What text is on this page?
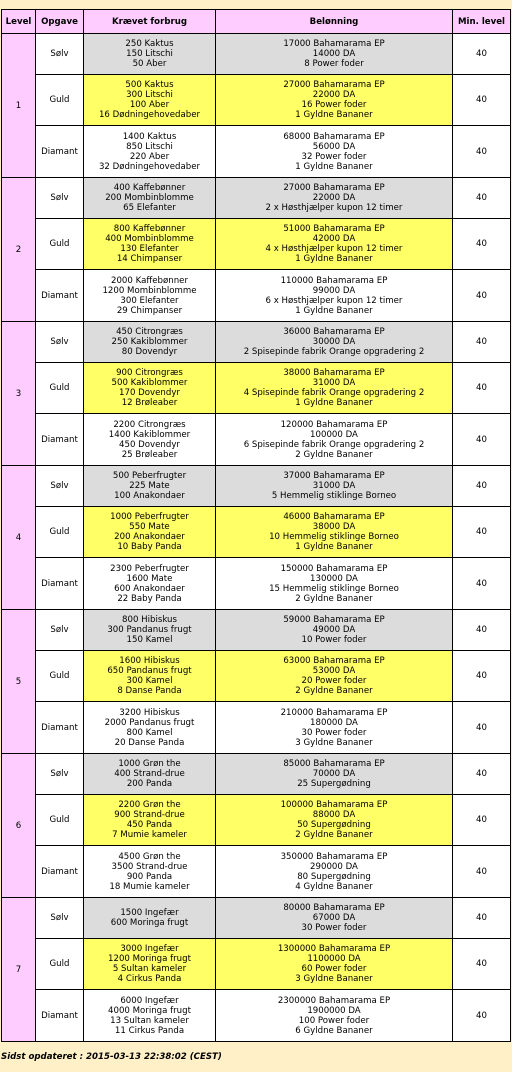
Level	Opgave	Krævet forbrug	Belønning	Min. level
1	Sølv	250 Kaktus
150 Litschi
50 Aber	17000 Bahamarama EP
14000 DA
8 Power foder	40
	Guld	500 Kaktus
300 Litschi
100 Aber
16 Dødningehovedaber	27000 Bahamarama EP
22000 DA
16 Power foder
1 Gyldne Bananer	40
	Diamant	1400 Kaktus
850 Litschi
220 Aber
32 Dødningehovedaber	68000 Bahamarama EP
56000 DA
32 Power foder
1 Gyldne Bananer	40
2	Sølv	400 Kaffebønner
200 Mombinblomme
65 Elefanter	27000 Bahamarama EP
22000 DA
2 x Høsthjælper kupon 12 timer	40
	Guld	800 Kaffebønner
400 Mombinblomme
130 Elefanter
14 Chimpanser	51000 Bahamarama EP
42000 DA
4 x Høsthjælper kupon 12 timer
1 Gyldne Bananer	40
	Diamant	2000 Kaffebønner
1200 Mombinblomme
300 Elefanter
29 Chimpanser	110000 Bahamarama EP
99000 DA
6 x Høsthjælper kupon 12 timer
1 Gyldne Bananer	40
3	Sølv	450 Citrongræs
250 Kakiblommer
80 Dovendyr	36000 Bahamarama EP
30000 DA
2 Spisepinde fabrik Orange opgradering 2	40
	Guld	900 Citrongræs
500 Kakiblommer
170 Dovendyr
12 Brøleaber	38000 Bahamarama EP
31000 DA
4 Spisepinde fabrik Orange opgradering 2
1 Gyldne Bananer	40
	Diamant	2200 Citrongræs
1400 Kakiblommer
450 Dovendyr
25 Brøleaber	120000 Bahamarama EP
100000 DA
6 Spisepinde fabrik Orange opgradering 2
2 Gyldne Bananer	40
4	Sølv	500 Peberfrugter
225 Mate
100 Anakondaer	37000 Bahamarama EP
31000 DA
5 Hemmelig stiklinge Borneo	40
	Guld	1000 Peberfrugter
550 Mate
200 Anakondaer
10 Baby Panda	46000 Bahamarama EP
38000 DA
10 Hemmelig stiklinge Borneo
1 Gyldne Bananer	40
	Diamant	2300 Peberfrugter
1600 Mate
600 Anakondaer
22 Baby Panda	150000 Bahamarama EP
130000 DA
15 Hemmelig stiklinge Borneo
2 Gyldne Bananer	40
5	Sølv	800 Hibiskus
300 Pandanus frugt
150 Kamel	59000 Bahamarama EP
49000 DA
10 Power foder	40
	Guld	1600 Hibiskus
650 Pandanus frugt
300 Kamel
8 Danse Panda	63000 Bahamarama EP
53000 DA
20 Power foder
2 Gyldne Bananer	40
	Diamant	3200 Hibiskus
2000 Pandanus frugt
800 Kamel
20 Danse Panda	210000 Bahamarama EP
180000 DA
30 Power foder
3 Gyldne Bananer	40
6	Sølv	1000 Grøn the
400 Strand-drue
200 Panda	85000 Bahamarama EP
70000 DA
25 Supergødning	40
	Guld	2200 Grøn the
900 Strand-drue
450 Panda
7 Mumie kameler	100000 Bahamarama EP
88000 DA
50 Supergødning
2 Gyldne Bananer	40
	Diamant	4500 Grøn the
3500 Strand-drue
900 Panda
18 Mumie kameler	350000 Bahamarama EP
290000 DA
80 Supergødning
4 Gyldne Bananer	40
7	Sølv	1500 Ingefær
600 Moringa frugt	80000 Bahamarama EP
67000 DA
30 Power foder	40
	Guld	3000 Ingefær
1200 Moringa frugt
5 Sultan kameler
4 Cirkus Panda	1300000 Bahamarama EP
1100000 DA
60 Power foder
3 Gyldne Bananer	40
	Diamant	6000 Ingefær
4000 Moringa frugt
13 Sultan kameler
11 Cirkus Panda	2300000 Bahamarama EP
1900000 DA
100 Power foder
6 Gyldne Bananer	40
Sidst opdateret : 2015-03-13 22:38:02 (CEST)
